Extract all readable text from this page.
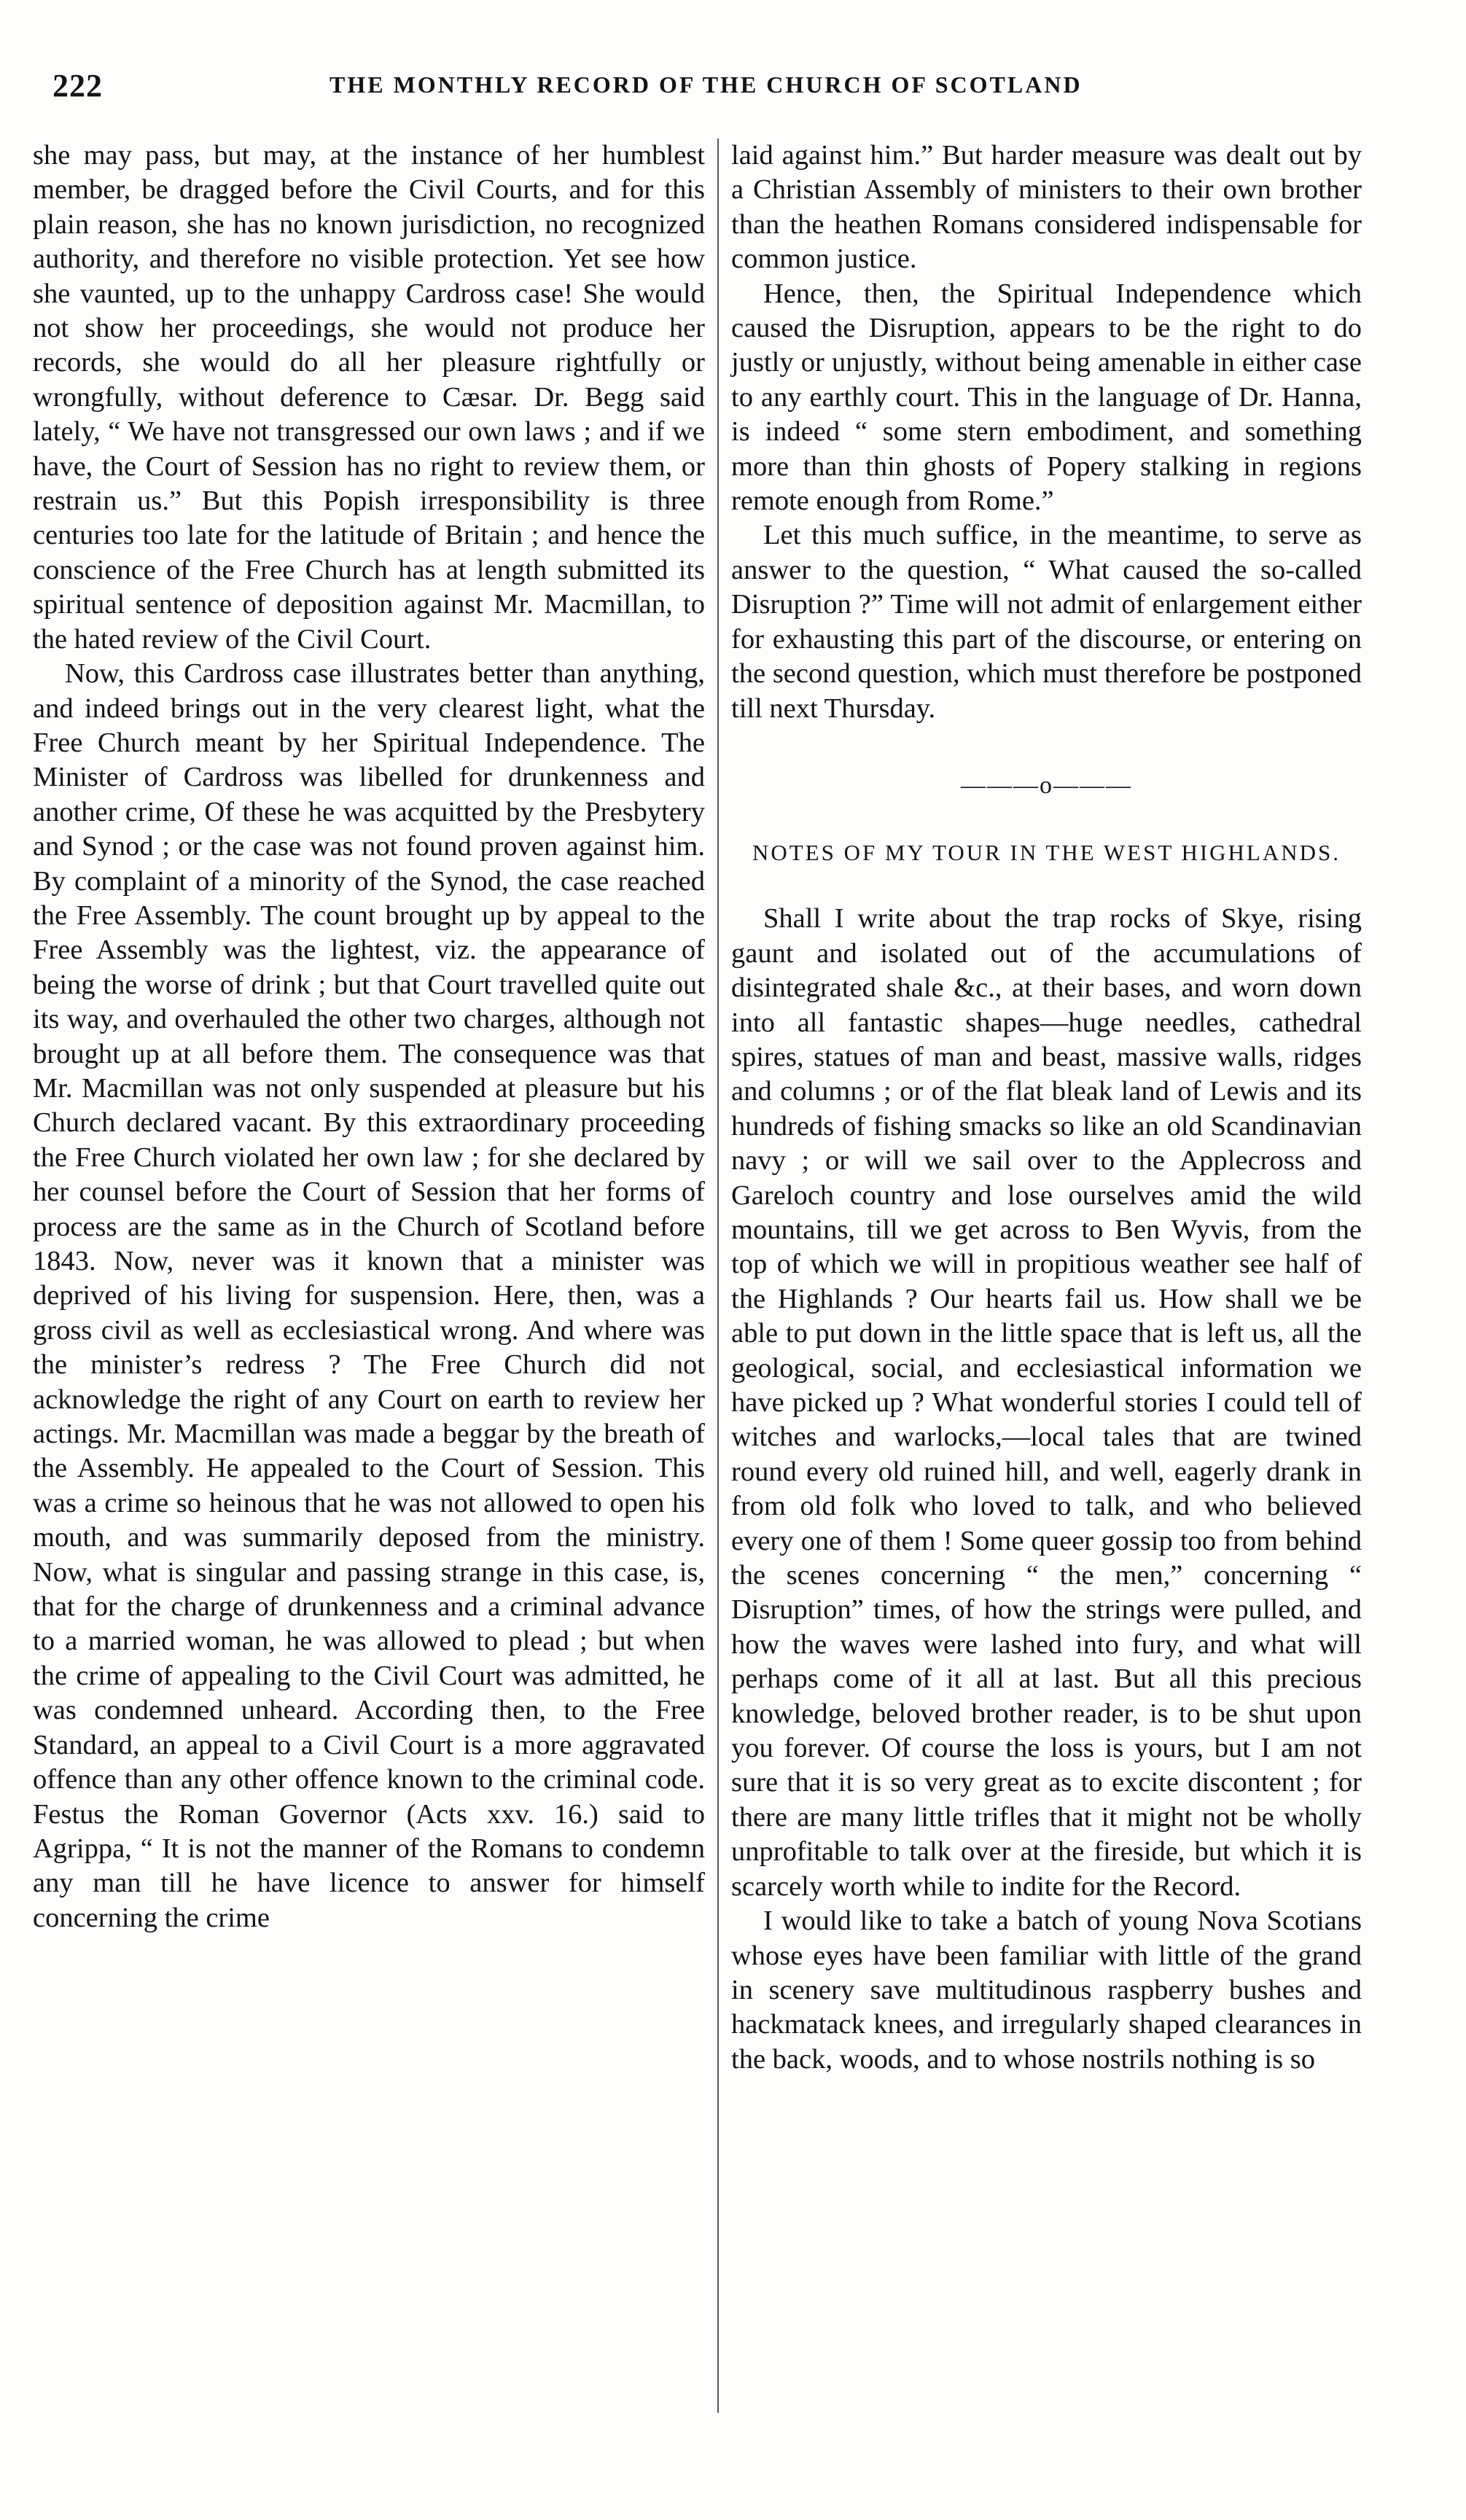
222	THE MONTHLY RECORD OF THE CHURCH OF SCOTLAND

she may pass, but may, at the instance of her humblest member, be dragged before the Civil Courts, and for this plain reason, she has no known jurisdiction, no recognized authority, and therefore no visible protection. Yet see how she vaunted, up to the unhappy Cardross case! She would not show her proceedings, she would not produce her records, she would do all her pleasure rightfully or wrongfully, without deference to Cæsar. Dr. Begg said lately, “ We have not transgressed our own laws ; and if we have, the Court of Session has no right to review them, or restrain us.” But this Popish irresponsibility is three centuries too late for the latitude of Britain ; and hence the conscience of the Free Church has at length submitted its spiritual sentence of deposition against Mr. Macmillan, to the hated review of the Civil Court.

Now, this Cardross case illustrates better than anything, and indeed brings out in the very clearest light, what the Free Church meant by her Spiritual Independence. The Minister of Cardross was libelled for drunkenness and another crime, Of these he was acquitted by the Presbytery and Synod ; or the case was not found proven against him. By complaint of a minority of the Synod, the case reached the Free Assembly. The count brought up by appeal to the Free Assembly was the lightest, viz. the appearance of being the worse of drink ; but that Court travelled quite out its way, and overhauled the other two charges, although not brought up at all before them. The consequence was that Mr. Macmillan was not only suspended at pleasure but his Church declared vacant. By this extraordinary proceeding the Free Church violated her own law ; for she declared by her counsel before the Court of Session that her forms of process are the same as in the Church of Scotland before 1843. Now, never was it known that a minister was deprived of his living for suspension. Here, then, was a gross civil as well as ecclesiastical wrong. And where was the minister’s redress ? The Free Church did not acknowledge the right of any Court on earth to review her actings. Mr. Macmillan was made a beggar by the breath of the Assembly. He appealed to the Court of Session. This was a crime so heinous that he was not allowed to open his mouth, and was summarily deposed from the ministry. Now, what is singular and passing strange in this case, is, that for the charge of drunkenness and a criminal advance to a married woman, he was allowed to plead ; but when the crime of appealing to the Civil Court was admitted, he was condemned unheard. According then, to the Free Standard, an appeal to a Civil Court is a more aggravated offence than any other offence known to the criminal code. Festus the Roman Governor (Acts xxv. 16.) said to Agrippa, “ It is not the manner of the Romans to condemn any man till he have licence to answer for himself concerning the crime

laid against him.” But harder measure was dealt out by a Christian Assembly of ministers to their own brother than the heathen Romans considered indispensable for common justice.

Hence, then, the Spiritual Independence which caused the Disruption, appears to be the right to do justly or unjustly, without being amenable in either case to any earthly court. This in the language of Dr. Hanna, is indeed “ some stern embodiment, and something more than thin ghosts of Popery stalking in regions remote enough from Rome.”

Let this much suffice, in the meantime, to serve as answer to the question, “ What caused the so-called Disruption ?” Time will not admit of enlargement either for exhausting this part of the discourse, or entering on the second question, which must therefore be postponed till next Thursday.

———o———
NOTES OF MY TOUR IN THE WEST HIGHLANDS.

Shall I write about the trap rocks of Skye, rising gaunt and isolated out of the accumulations of disintegrated shale &c., at their bases, and worn down into all fantastic shapes—huge needles, cathedral spires, statues of man and beast, massive walls, ridges and columns ; or of the flat bleak land of Lewis and its hundreds of fishing smacks so like an old Scandinavian navy ; or will we sail over to the Applecross and Gareloch country and lose ourselves amid the wild mountains, till we get across to Ben Wyvis, from the top of which we will in propitious weather see half of the Highlands ? Our hearts fail us. How shall we be able to put down in the little space that is left us, all the geological, social, and ecclesiastical information we have picked up ? What wonderful stories I could tell of witches and warlocks,—local tales that are twined round every old ruined hill, and well, eagerly drank in from old folk who loved to talk, and who believed every one of them ! Some queer gossip too from behind the scenes concerning “ the men,” concerning “ Disruption” times, of how the strings were pulled, and how the waves were lashed into fury, and what will perhaps come of it all at last. But all this precious knowledge, beloved brother reader, is to be shut upon you forever. Of course the loss is yours, but I am not sure that it is so very great as to excite discontent ; for there are many little trifles that it might not be wholly unprofitable to talk over at the fireside, but which it is scarcely worth while to indite for the Record.

I would like to take a batch of young Nova Scotians whose eyes have been familiar with little of the grand in scenery save multitudinous raspberry bushes and hackmatack knees, and irregularly shaped clearances in the back, woods, and to whose nostrils nothing is so
